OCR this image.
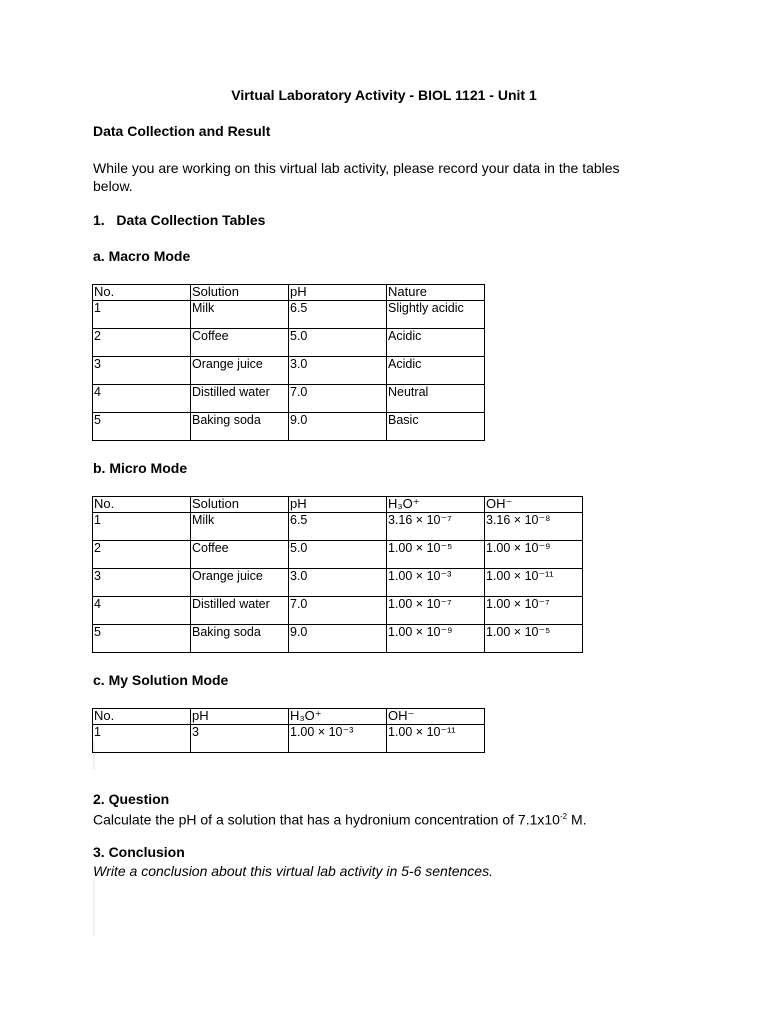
Virtual Laboratory Activity - BIOL 1121 - Unit 1
Data Collection and Result
While you are working on this virtual lab activity, please record your data in the tables below.
1.   Data Collection Tables
a. Macro Mode
No.	Solution	pH	Nature
1	Milk	6.5	Slightly acidic
2	Coffee	5.0	Acidic
3	Orange juice	3.0	Acidic
4	Distilled water	7.0	Neutral
5	Baking soda	9.0	Basic
b. Micro Mode
No.	Solution	pH	H₃O⁺	OH⁻
1	Milk	6.5	3.16 × 10⁻⁷	3.16 × 10⁻⁸
2	Coffee	5.0	1.00 × 10⁻⁵	1.00 × 10⁻⁹
3	Orange juice	3.0	1.00 × 10⁻³	1.00 × 10⁻¹¹
4	Distilled water	7.0	1.00 × 10⁻⁷	1.00 × 10⁻⁷
5	Baking soda	9.0	1.00 × 10⁻⁹	1.00 × 10⁻⁵
c. My Solution Mode
No.	pH	H₃O⁺	OH⁻
1	3	1.00 × 10⁻³	1.00 × 10⁻¹¹
2. Question
Calculate the pH of a solution that has a hydronium concentration of $7.1x10^{-2}$ M.
3. Conclusion
Write a conclusion about this virtual lab activity in 5-6 sentences.
